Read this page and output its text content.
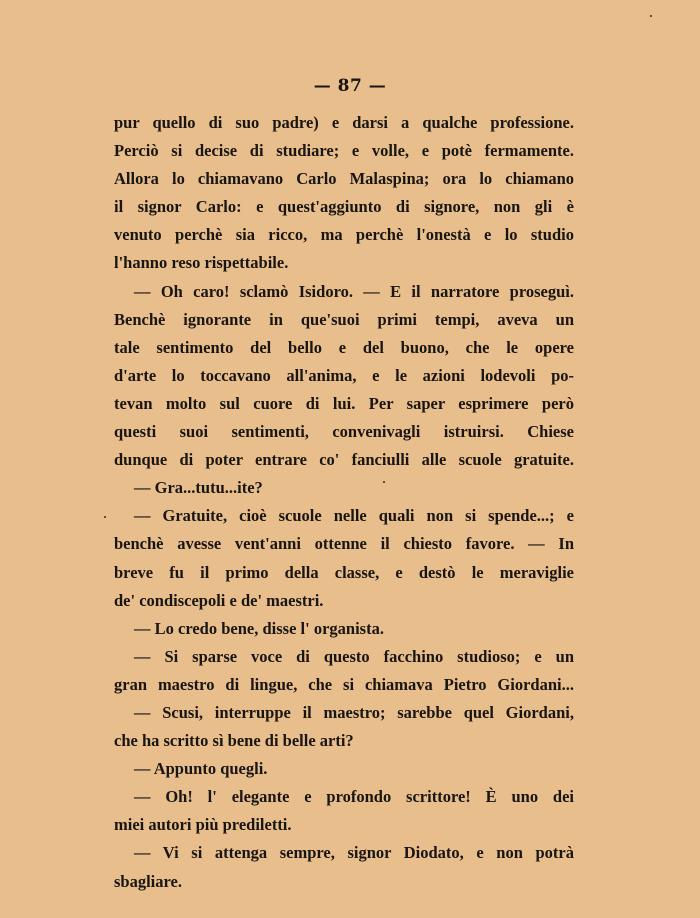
— 87 —
pur quello di suo padre) e darsi a qualche professione.
Perciò si decise di studiare; e volle, e potè fermamente.
Allora lo chiamavano Carlo Malaspina; ora lo chiamano
il signor Carlo: e quest'aggiunto di signore, non gli è
venuto perchè sia ricco, ma perchè l'onestà e lo studio
l'hanno reso rispettabile.
— Oh caro! sclamò Isidoro. — E il narratore proseguì.
Benchè ignorante in que'suoi primi tempi, aveva un
tale sentimento del bello e del buono, che le opere
d'arte lo toccavano all'anima, e le azioni lodevoli po-
tevan molto sul cuore di lui. Per saper esprimere però
questi suoi sentimenti, convenivagli istruirsi. Chiese
dunque di poter entrare co' fanciulli alle scuole gratuite.
— Gra...tutu...ite?
— Gratuite, cioè scuole nelle quali non si spende...; e
benchè avesse vent'anni ottenne il chiesto favore. — In
breve fu il primo della classe, e destò le meraviglie
de' condiscepoli e de' maestri.
— Lo credo bene, disse l' organista.
— Si sparse voce di questo facchino studioso; e un
gran maestro di lingue, che si chiamava Pietro Giordani...
— Scusi, interruppe il maestro; sarebbe quel Giordani,
che ha scritto sì bene di belle arti?
— Appunto quegli.
— Oh! l' elegante e profondo scrittore! È uno dei
miei autori più prediletti.
— Vi si attenga sempre, signor Diodato, e non potrà
sbagliare.
